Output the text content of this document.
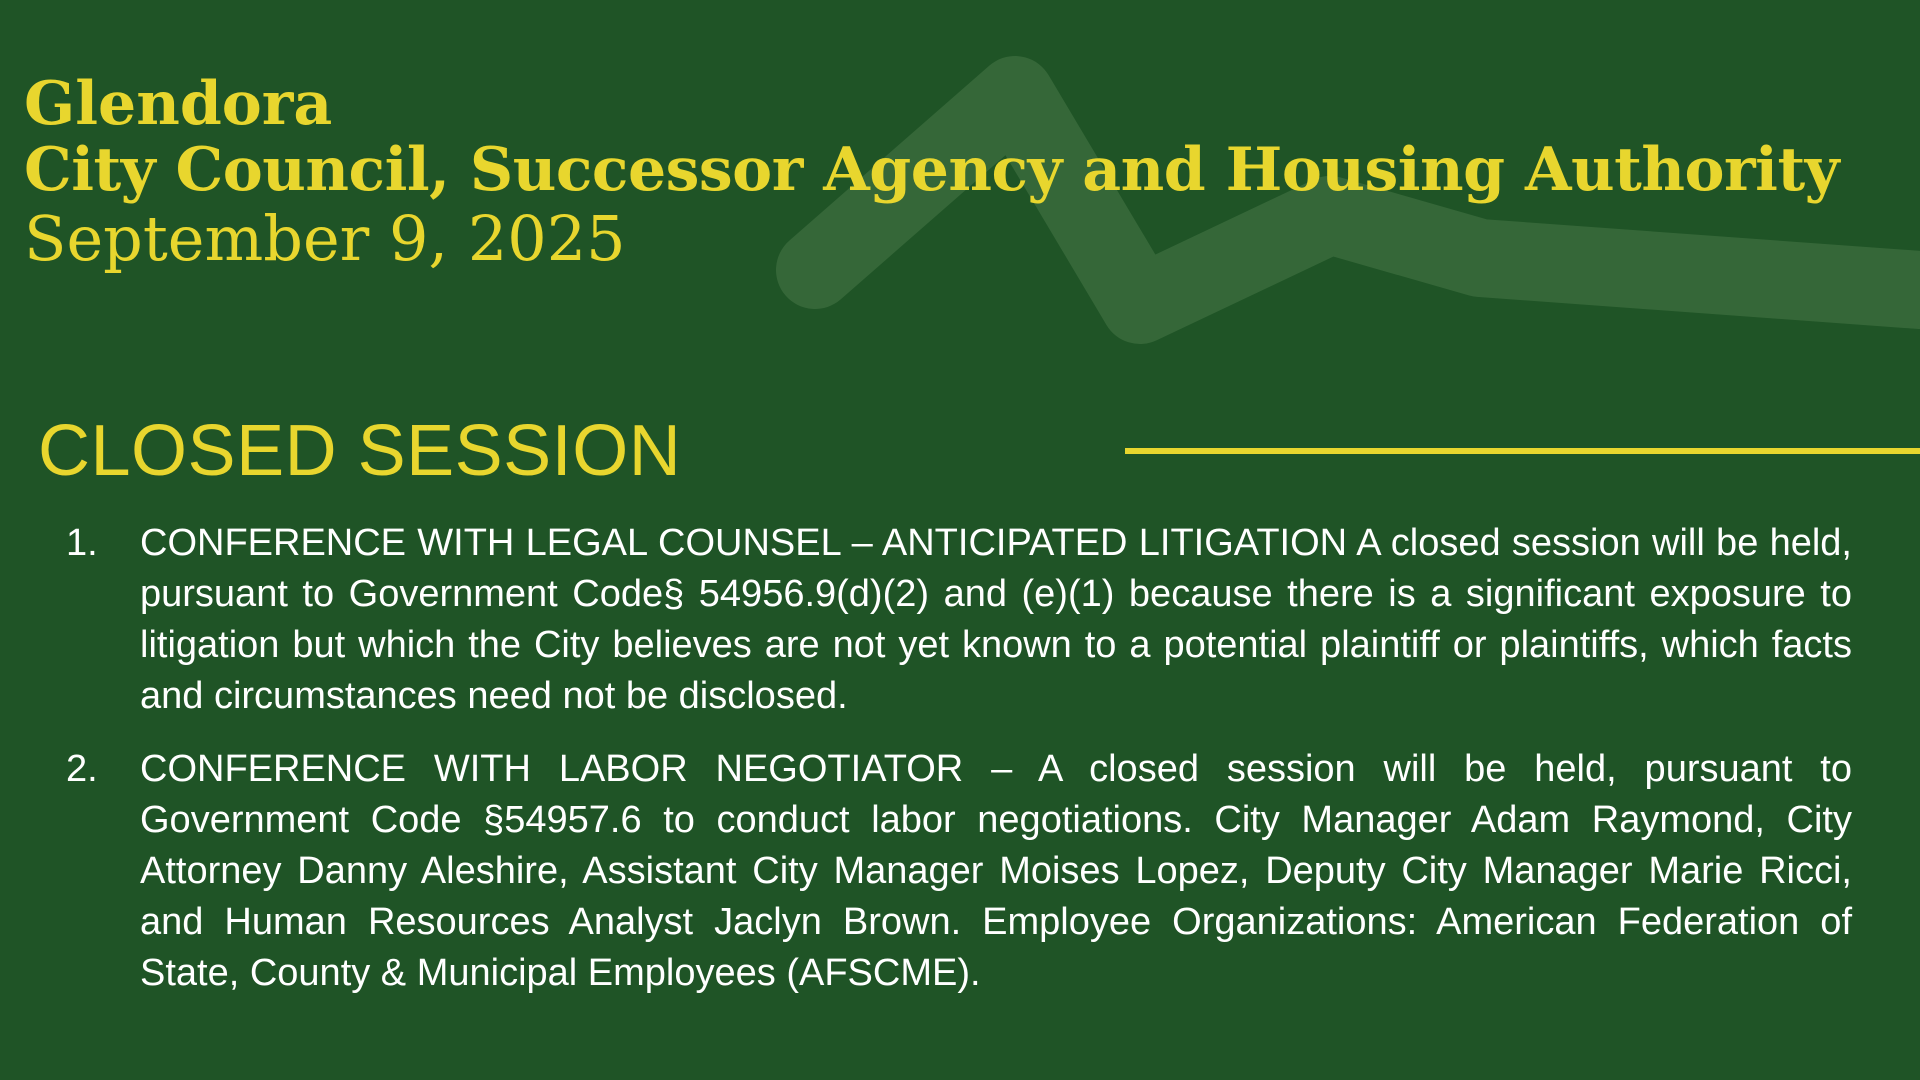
Glendora
City Council, Successor Agency and Housing Authority
September 9, 2025
CLOSED SESSION
1.	CONFERENCE WITH LEGAL COUNSEL – ANTICIPATED LITIGATION A closed session will be held, pursuant to Government Code§ 54956.9(d)(2) and (e)(1) because there is a significant exposure to litigation but which the City believes are not yet known to a potential plaintiff or plaintiffs, which facts and circumstances need not be disclosed.
2.	CONFERENCE WITH LABOR NEGOTIATOR – A closed session will be held, pursuant to Government Code §54957.6 to conduct labor negotiations. City Manager Adam Raymond, City Attorney Danny Aleshire, Assistant City Manager Moises Lopez, Deputy City Manager Marie Ricci, and Human Resources Analyst Jaclyn Brown. Employee Organizations: American Federation of State, County & Municipal Employees (AFSCME).
